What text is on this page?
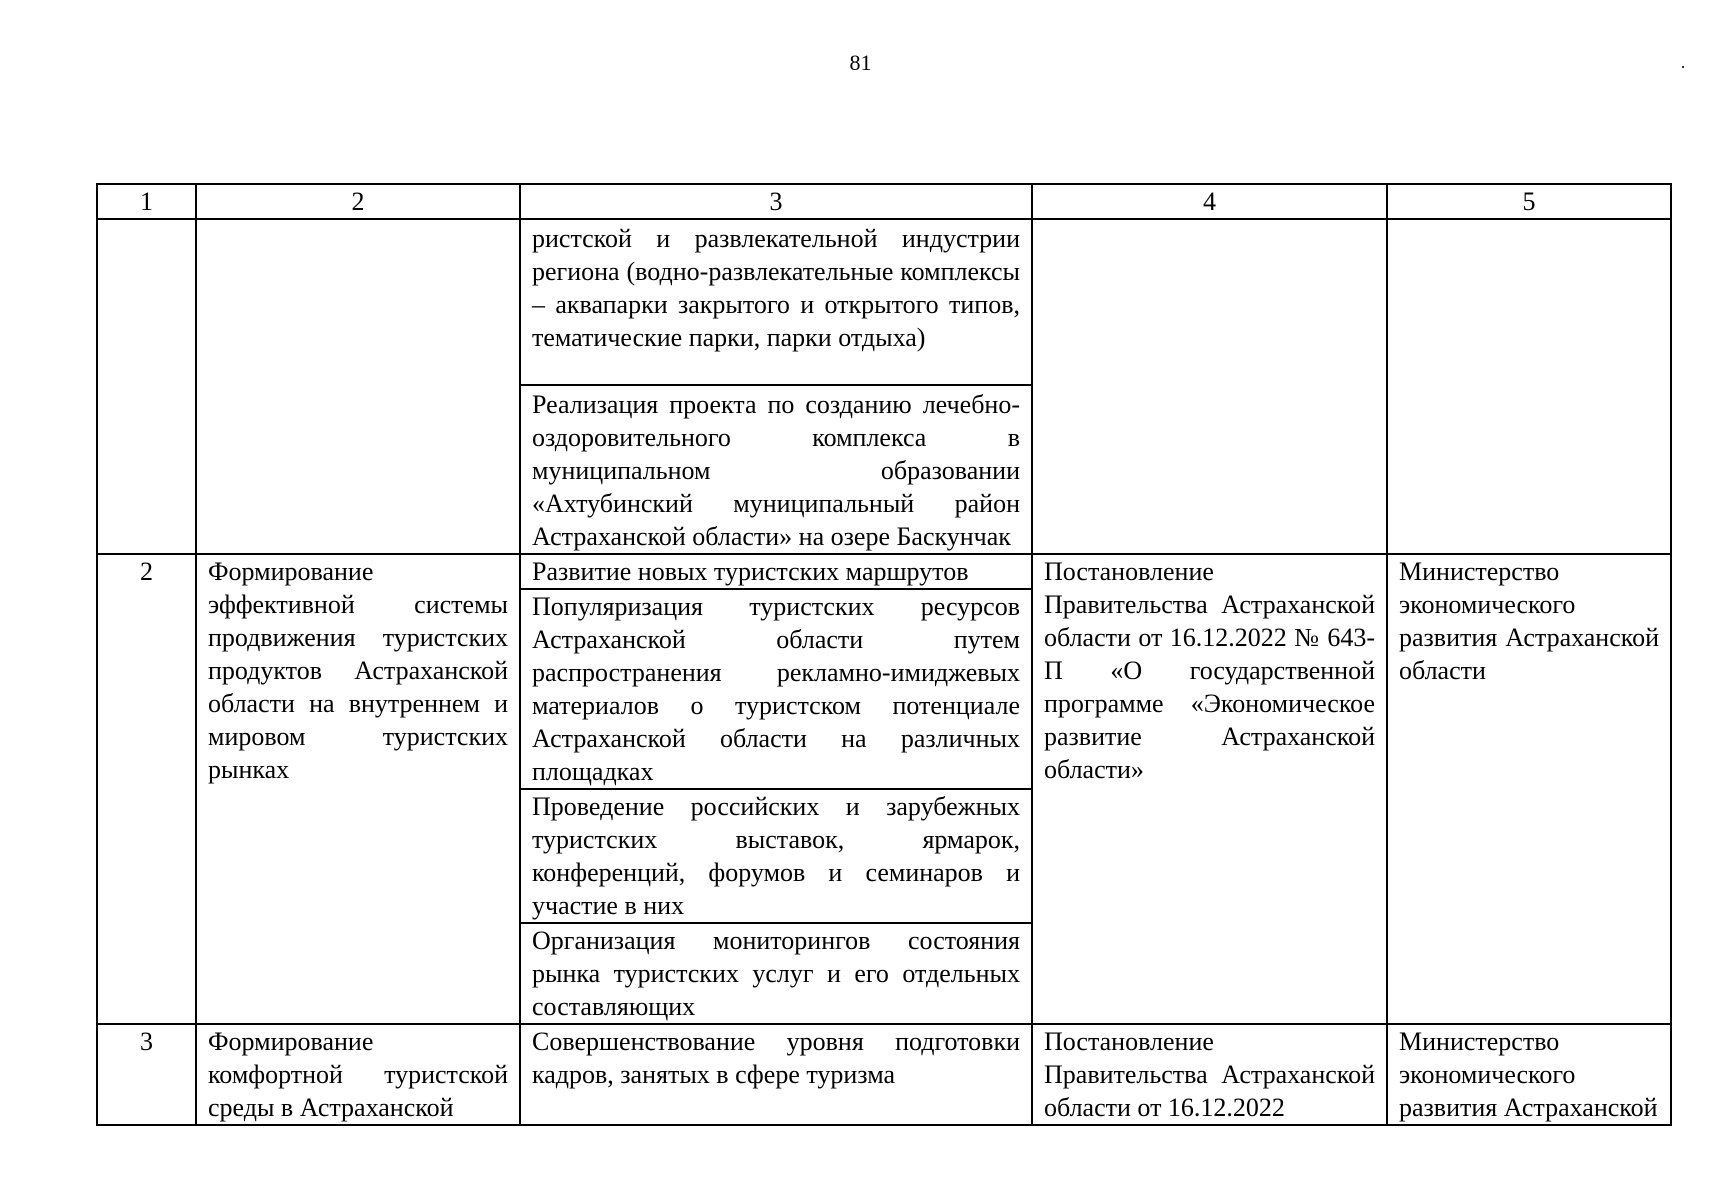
81
1	2	3	4	5
		ристской и развлекательной индустрии региона (водно-развлекательные комплексы – аквапарки закрытого и открытого типов, тематические парки, парки отдыха)		
		Реализация проекта по созданию лечебно-оздоровительного комплекса в муниципальном образовании «Ахтубинский муниципальный район Астраханской области» на озере Баскунчак		
2	Формирование эффективной системы продвижения туристских продуктов Астраханской области на внутреннем и мировом туристских рынках	Развитие новых туристских маршрутов	Постановление Правительства Астраханской области от 16.12.2022 № 643-П «О государственной программе «Экономическое развитие Астраханской области»	Министерство экономического развития Астраханской области
		Популяризация туристских ресурсов Астраханской области путем распространения рекламно-имиджевых материалов о туристском потенциале Астраханской области на различных площадках		
		Проведение российских и зарубежных туристских выставок, ярмарок, конференций, форумов и семинаров и участие в них		
		Организация мониторингов состояния рынка туристских услуг и его отдельных составляющих		
3	Формирование комфортной туристской среды в Астраханской	Совершенствование уровня подготовки кадров, занятых в сфере туризма	Постановление Правительства Астраханской области от 16.12.2022	Министерство экономического развития Астраханской
